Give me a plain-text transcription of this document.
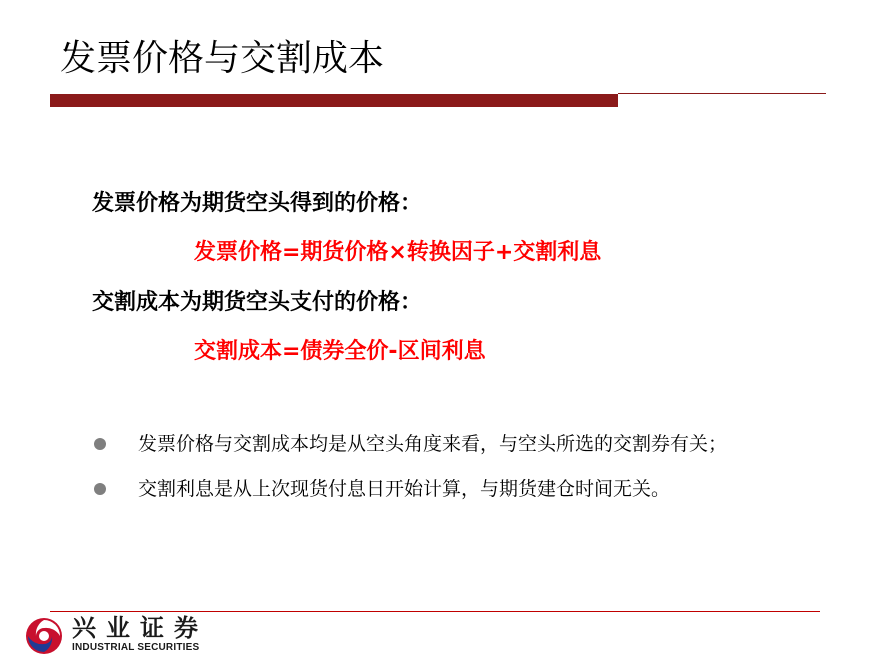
发票价格与交割成本
发票价格为期货空头得到的价格：
发票价格=期货价格×转换因子+交割利息
交割成本为期货空头支付的价格：
交割成本=债券全价-区间利息
发票价格与交割成本均是从空头角度来看，与空头所选的交割券有关；
交割利息是从上次现货付息日开始计算，与期货建仓时间无关。
兴业证券
INDUSTRIAL SECURITIES
